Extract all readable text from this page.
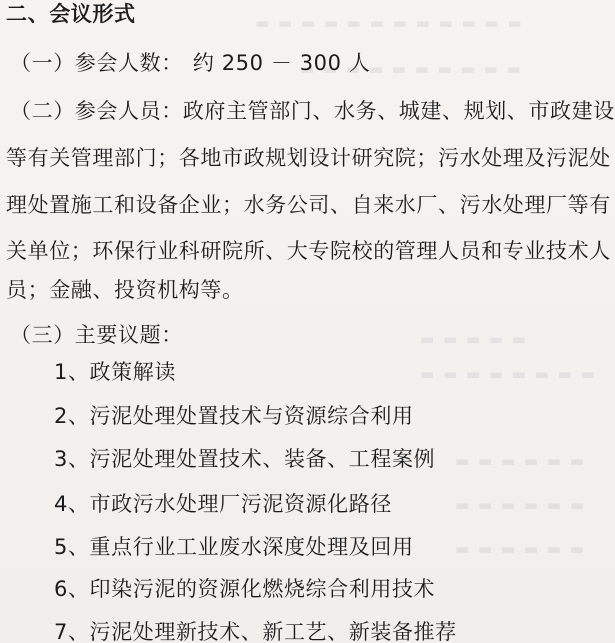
▬ ▬ ▬ ▬ ▬ ▬ ▬ ▬ ▬ ▬ ▬ ▬
▬ ▬ ▬ ▬ ▬ ▬ ▬ ▬ ▬ ▬
▬ ▬ ▬ ▬ ▬
▬ ▬ ▬ ▬ ▬ ▬ ▬ ▬
▬ ▬ ▬ ▬ ▬ ▬
▬ ▬ ▬ ▬ ▬ ▬
▬ ▬ ▬ ▬ ▬ ▬
二、会议形式
（一）参会人数： 约 250 － 300 人
（二）参会人员：政府主管部门、水务、城建、规划、市政建设
等有关管理部门；各地市政规划设计研究院；污水处理及污泥处
理处置施工和设备企业；水务公司、自来水厂、污水处理厂等有
关单位；环保行业科研院所、大专院校的管理人员和专业技术人
员；金融、投资机构等。
（三）主要议题：
1、政策解读
2、污泥处理处置技术与资源综合利用
3、污泥处理处置技术、装备、工程案例
4、市政污水处理厂污泥资源化路径
5、重点行业工业废水深度处理及回用
6、印染污泥的资源化燃烧综合利用技术
7、污泥处理新技术、新工艺、新装备推荐
